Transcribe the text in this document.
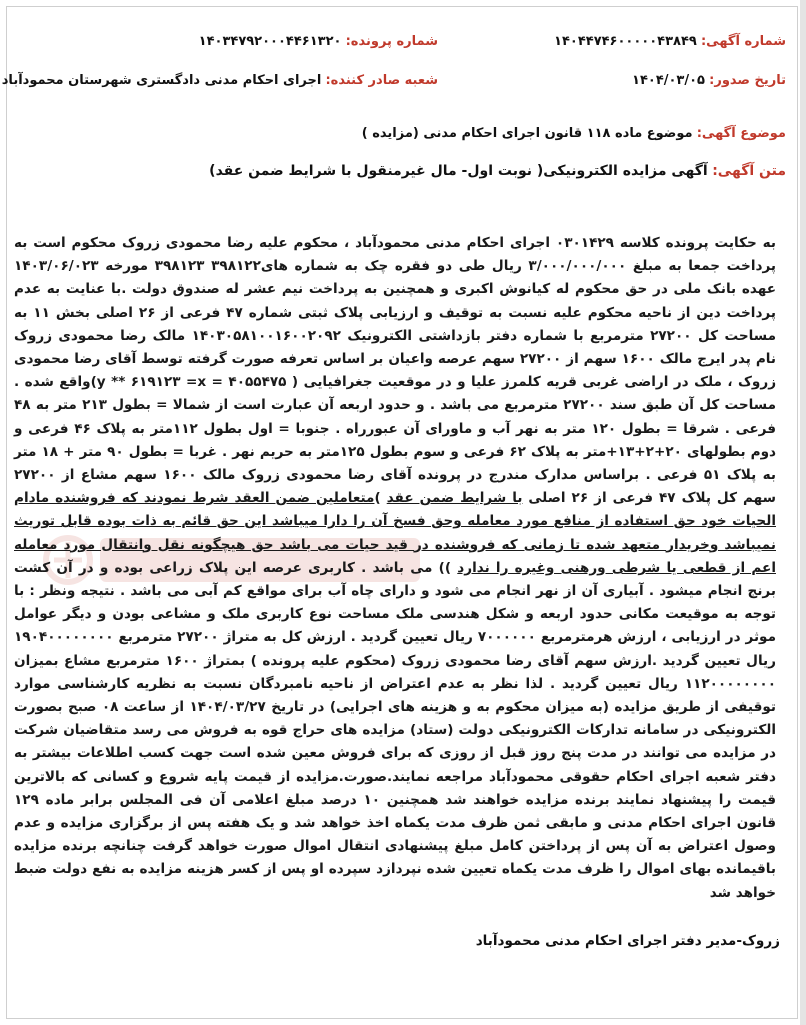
شماره آگهی: ۱۴۰۴۴۷۴۶۰۰۰۰۰۴۳۸۴۹
شماره پرونده: ۱۴۰۳۴۷۹۲۰۰۰۴۴۶۱۳۲۰
تاریخ صدور: ۱۴۰۴/۰۳/۰۵
شعبه صادر کننده: اجرای احکام مدنی دادگستری شهرستان محمودآباد
موضوع آگهی: موضوع ماده ۱۱۸ قانون اجرای احکام مدنی (مزایده )
متن آگهی: آگهی مزایده الکترونیکی( نوبت اول- مال غیرمنقول با شرایط ضمن عقد)
به حکایت پرونده کلاسه ۰۳۰۱۴۲۹ اجرای احکام مدنی محمودآباد ، محکوم علیه رضا محمودی زروک محکوم است به پرداخت جمعا به مبلغ ۳/۰۰۰/۰۰۰/۰۰۰ ریال طی دو فقره چک به شماره های۳۹۸۱۲۲ ۳۹۸۱۲۳ مورخه ۱۴۰۳/۰۶/۰۲۳ عهده بانک ملی در حق محکوم له کیانوش اکبری و همچنین به پرداخت نیم عشر له صندوق دولت .با عنایت به عدم پرداخت دین از ناحیه محکوم علیه نسبت به توقیف و ارزیابی پلاک ثبتی شماره ۴۷ فرعی از ۲۶ اصلی بخش ۱۱ به مساحت کل ۲۷۲۰۰ مترمربع با شماره دفتر بازداشتی الکترونیک ۱۴۰۳۰۵۸۱۰۰۱۶۰۰۲۰۹۲ مالک رضا محمودی زروک نام پدر ایرج مالک ۱۶۰۰ سهم از ۲۷۲۰۰ سهم عرصه واعیان بر اساس تعرفه صورت گرفته توسط آقای رضا محمودی زروک ، ملک در اراضی غربی قریه کلمرز علیا و در موقعیت جغرافیایی ( ۴۰۵۵۴۷۵ = y ** ۶۱۹۱۲۳ =x)واقع شده . مساحت کل آن طبق سند ۲۷۲۰۰ مترمربع می باشد . و حدود اربعه آن عبارت است از شمالا = بطول ۲۱۳ متر به ۴۸ فرعی . شرقا = بطول ۱۲۰ متر به نهر آب و ماورای آن عبورراه . جنوبا = اول بطول ۱۱۲متر به پلاک ۴۶ فرعی و دوم بطولهای ۲۰+۲+۱۳+متر به پلاک ۶۲ فرعی و سوم بطول ۱۲۵متر به حریم نهر . غربا = بطول ۹۰ متر + ۱۸ متر به پلاک ۵۱ فرعی . براساس مدارک مندرج در پرونده آقای رضا محمودی زروک مالک ۱۶۰۰ سهم مشاع از ۲۷۲۰۰ سهم کل پلاک ۴۷ فرعی از ۲۶ اصلی با شرایط ضمن عقد )متعاملین ضمن العقد شرط نمودند که فروشنده مادام الحیات خود حق استفاده از منافع مورد معامله وحق فسخ آن را دارا میباشد این حق قائم به ذات بوده قابل توریث نمیباشد وخریدار متعهد شده تا زمانی که فروشنده در قید حیات می باشد حق هیچگونه نقل وانتقال مورد معامله اعم از قطعی یا شرطی ورهنی وغیره را ندارد )) می باشد . کاربری عرصه این پلاک زراعی بوده و در آن کشت برنج انجام میشود . آبیاری آن از نهر انجام می شود و دارای چاه آب برای مواقع کم آبی می باشد . نتیجه ونظر : با توجه به موقیعت مکانی حدود اربعه و شکل هندسی ملک مساحت نوع کاربری ملک و مشاعی بودن و دیگر عوامل موثر در ارزیابی ، ارزش هرمترمربع ۷۰۰۰۰۰۰ ریال تعیین گردید . ارزش کل به متراژ ۲۷۲۰۰ مترمربع ۱۹۰۴۰۰۰۰۰۰۰۰ ریال تعیین گردید .ارزش سهم آقای رضا محمودی زروک (محکوم علیه پرونده ) بمتراژ ۱۶۰۰ مترمربع مشاع بمیزان ۱۱۲۰۰۰۰۰۰۰۰ ریال تعیین گردید . لذا نظر به عدم اعتراض از ناحیه نامبردگان نسبت به نظریه کارشناسی موارد توقیفی از طریق مزایده (به میزان محکوم به و هزینه های اجرایی) در تاریخ ۱۴۰۴/۰۳/۲۷ از ساعت ۰۸ صبح بصورت الکترونیکی در سامانه تدارکات الکترونیکی دولت (ستاد) مزایده های حراج قوه به فروش می رسد متقاضیان شرکت در مزایده می توانند در مدت پنج روز قبل از روزی که برای فروش معین شده است جهت کسب اطلاعات بیشتر به دفتر شعبه اجرای احکام حقوقی محمودآباد مراجعه نمایند.صورت.مزایده از قیمت پایه شروع و کسانی که بالاترین قیمت را پیشنهاد نمایند برنده مزایده خواهند شد همچنین ۱۰ درصد مبلغ اعلامی آن فی المجلس برابر ماده ۱۲۹ قانون اجرای احکام مدنی و مابقی ثمن ظرف مدت یکماه اخذ خواهد شد و یک هفته پس از برگزاری مزایده و عدم وصول اعتراض به آن پس از پرداختن کامل مبلغ پیشنهادی انتقال اموال صورت خواهد گرفت چنانچه برنده مزایده باقیمانده بهای اموال را ظرف مدت یکماه تعیین شده نپردازد سپرده او پس از کسر هزینه مزایده به نفع دولت ضبط خواهد شد
زروک-مدیر دفتر اجرای احکام مدنی محمودآباد
